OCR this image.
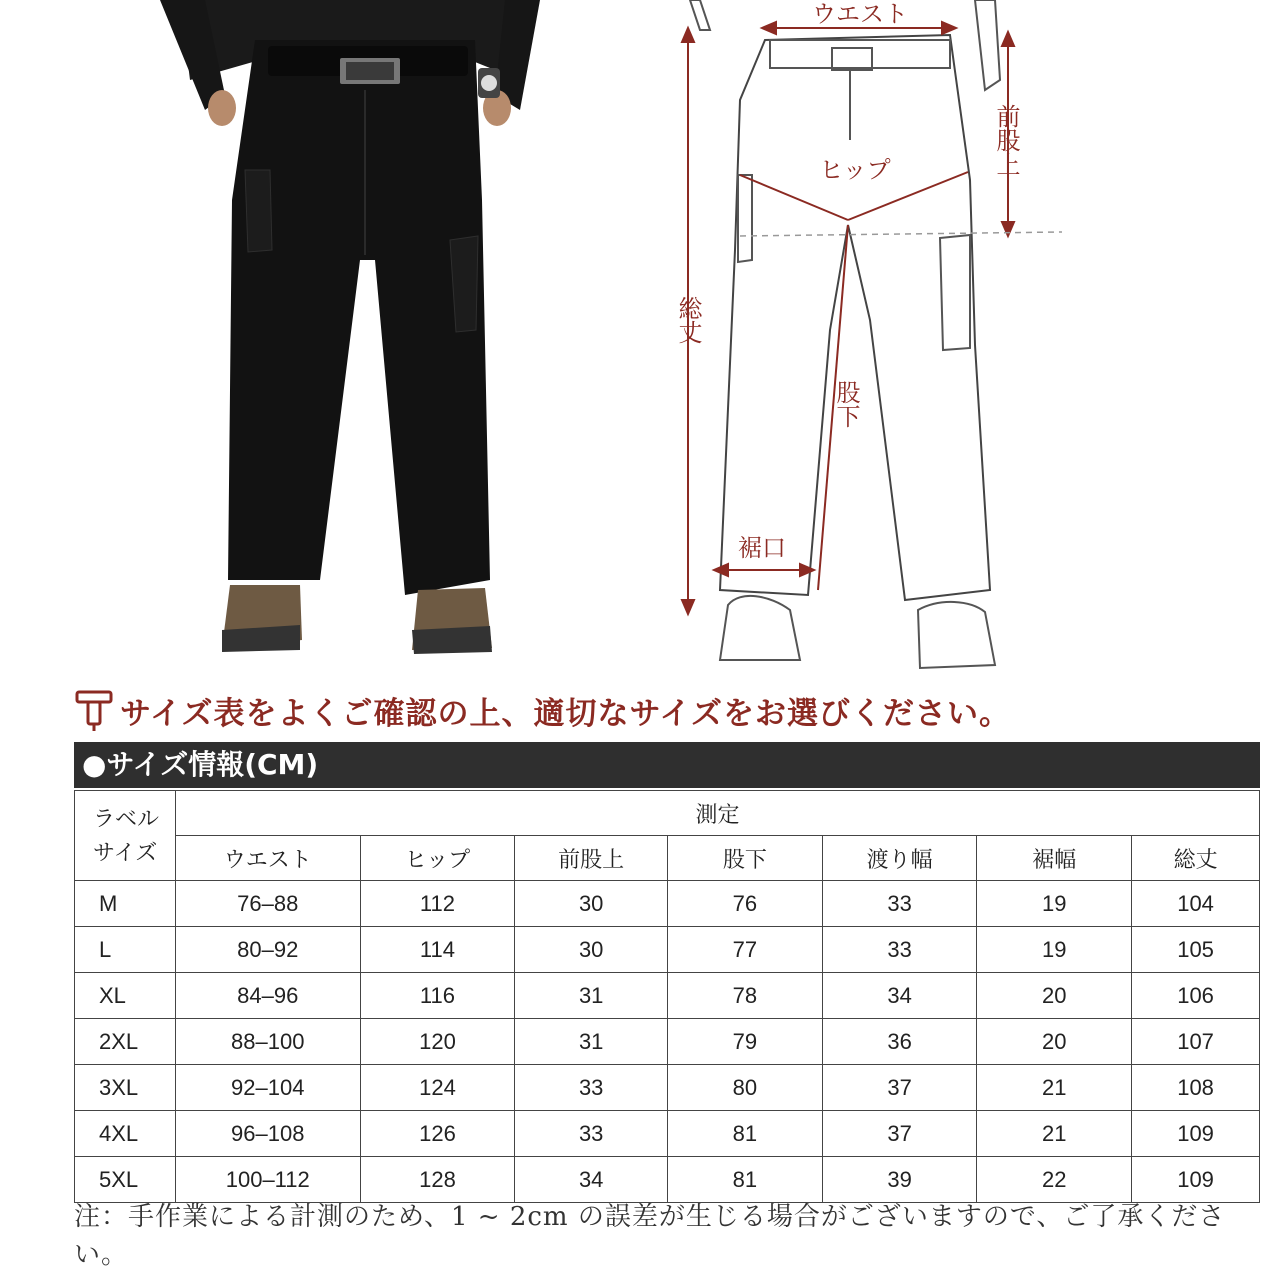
ウエスト
ヒップ
裾口
前股上
総丈
股下
サイズ表をよくご確認の上、適切なサイズをお選びください。
●サイズ情報(CM)
ラベル
サイズ	測定						
	ウエスト	ヒップ	前股上	股下	渡り幅	裾幅	総丈
M	76–88	112	30	76	33	19	104
L	80–92	114	30	77	33	19	105
XL	84–96	116	31	78	34	20	106
2XL	88–100	120	31	79	36	20	107
3XL	92–104	124	33	80	37	21	108
4XL	96–108	126	33	81	37	21	109
5XL	100–112	128	34	81	39	22	109
注：手作業による計測のため、1 ~ 2cm の誤差が生じる場合がございますので、ご了承ください。
